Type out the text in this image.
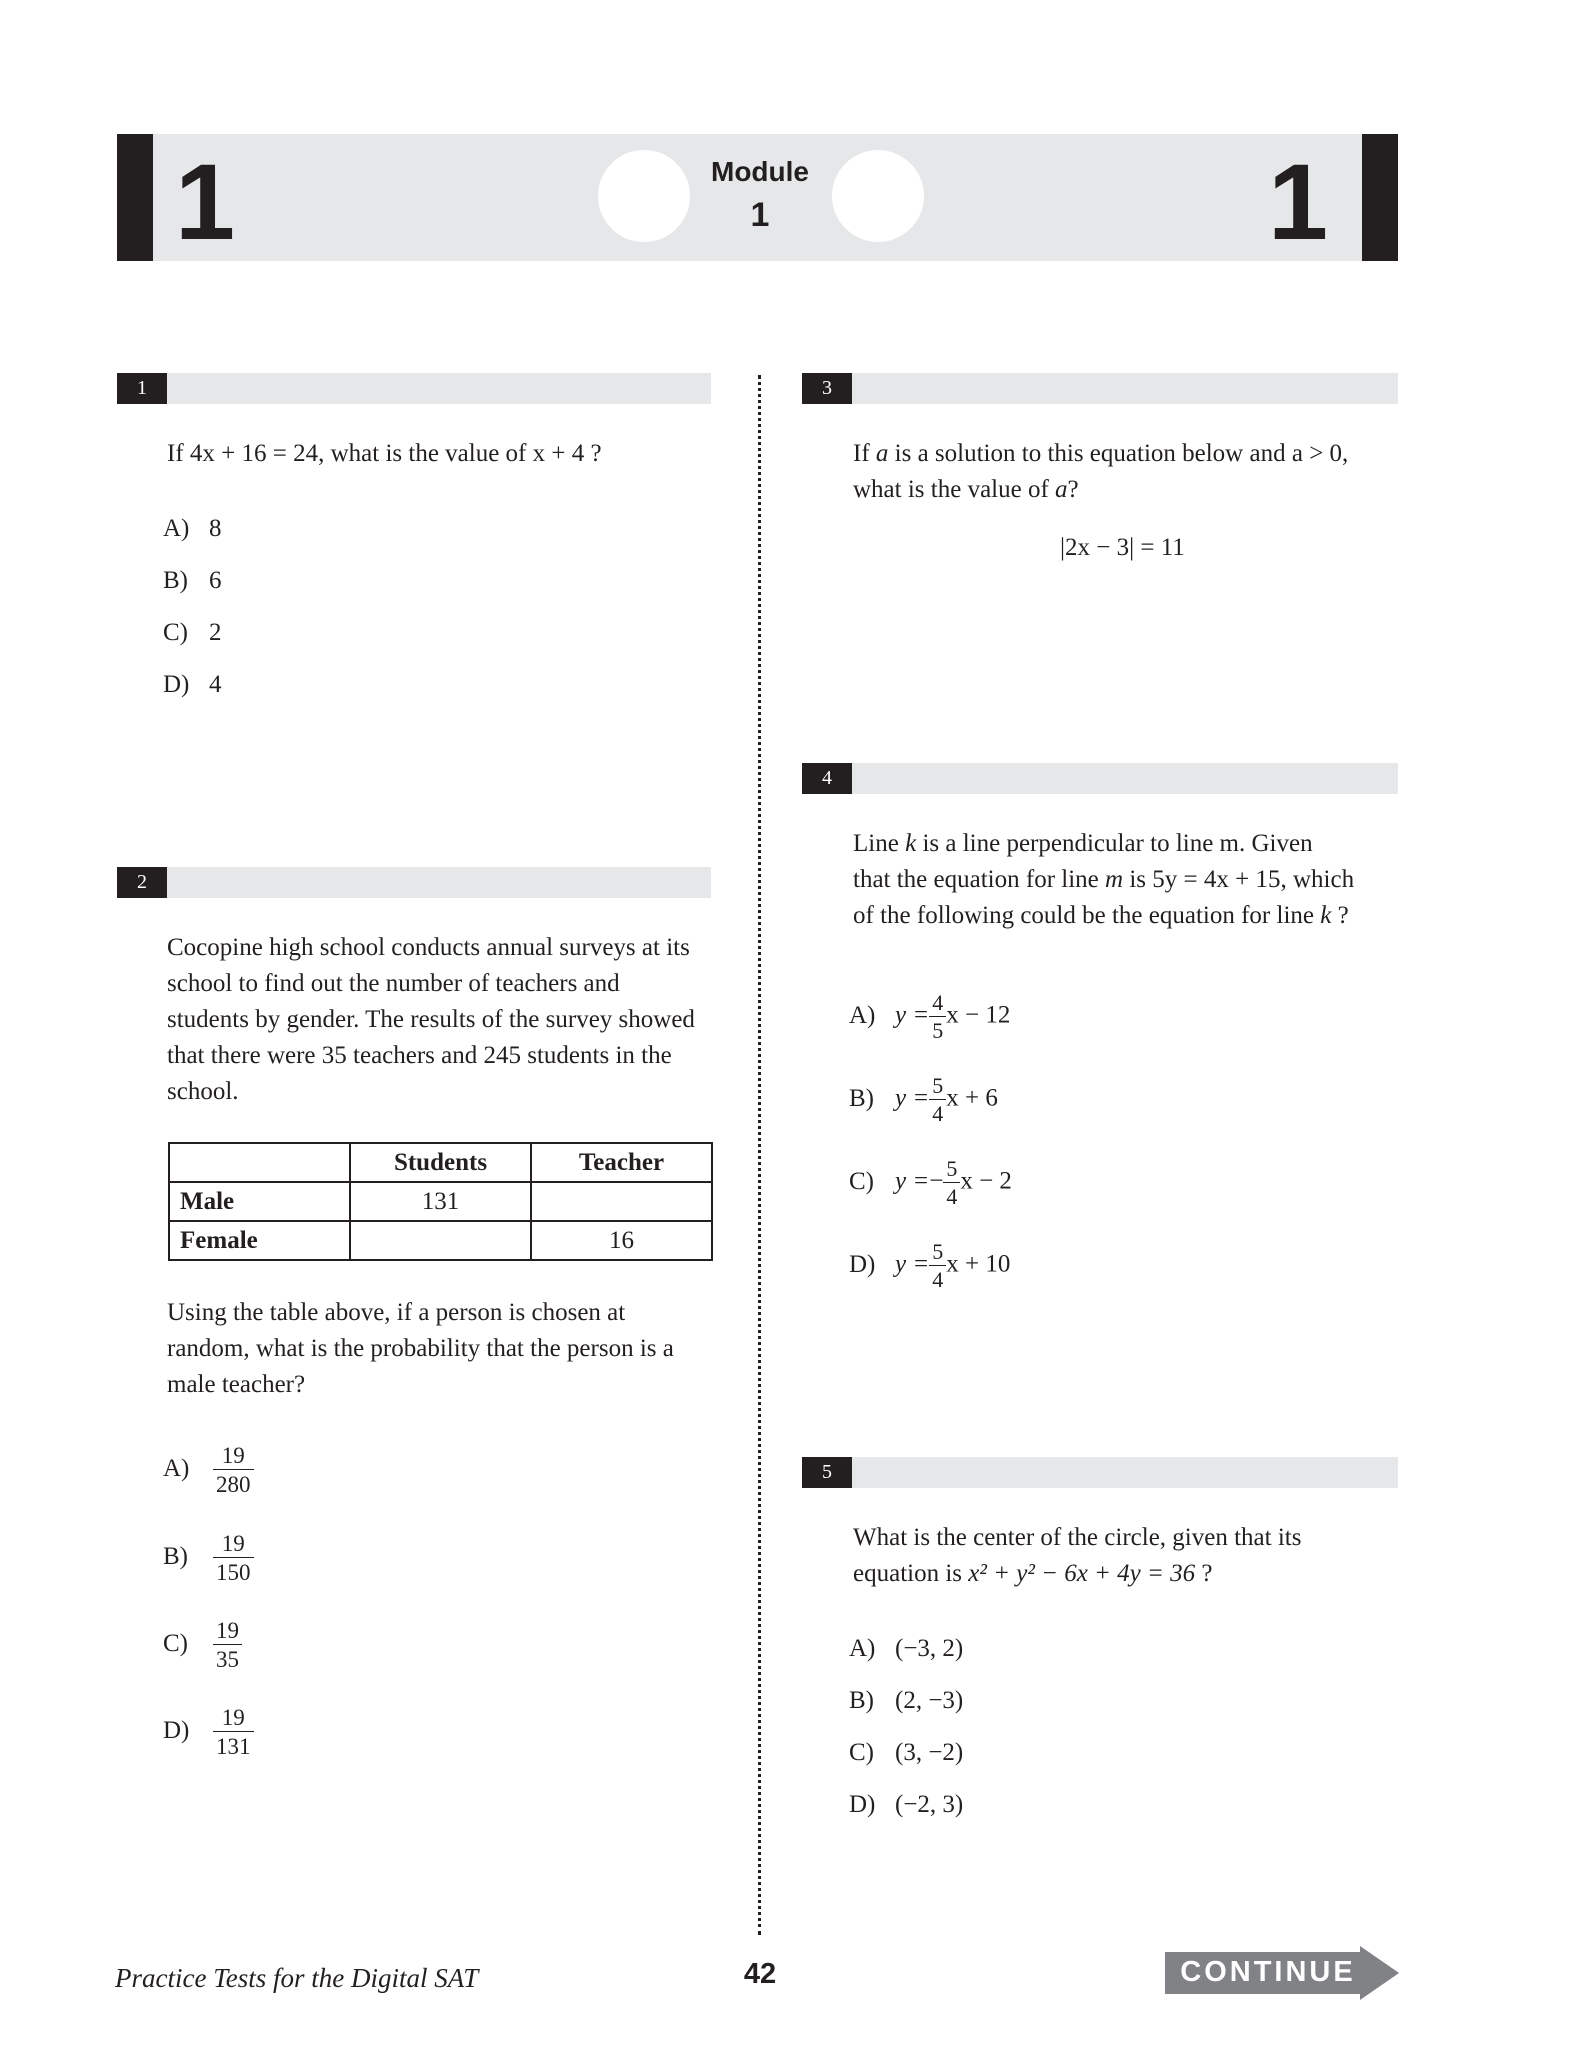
1	1
Module
1
1
If 4x + 16 = 24, what is the value of x + 4 ?
A) 8
B) 6
C) 2
D) 4
2
Cocopine high school conducts annual surveys at its school to find out the number of teachers and students by gender. The results of the survey showed that there were 35 teachers and 245 students in the school.
	Students	Teacher
Male	131	
Female		16
Using the table above, if a person is chosen at random, what is the probability that the person is a male teacher?
$A) \frac{19}{280}$
$B) \frac{19}{150}$
$C) \frac{19}{35}$
$D) \frac{19}{131}$
3
If a is a solution to this equation below and a > 0,
what is the value of a?
|2x − 3| = 11
4
Line k is a line perpendicular to line m. Given
that the equation for line m is 5y = 4x + 15, which
of the following could be the equation for line k ?
A) $y = \frac{4}{5}$ x − 12
B) $y = \frac{5}{4}$ x + 6
C) $y =- \frac{5}{4}$ x − 2
D) $y = \frac{5}{4}$ x + 10
5
What is the center of the circle, given that its
equation is x² + y² − 6x + 4y = 36 ?
A) (−3, 2)
B) (2, −3)
C) (3, −2)
D) (−2, 3)
Practice Tests for the Digital SAT	42	CONTINUE
